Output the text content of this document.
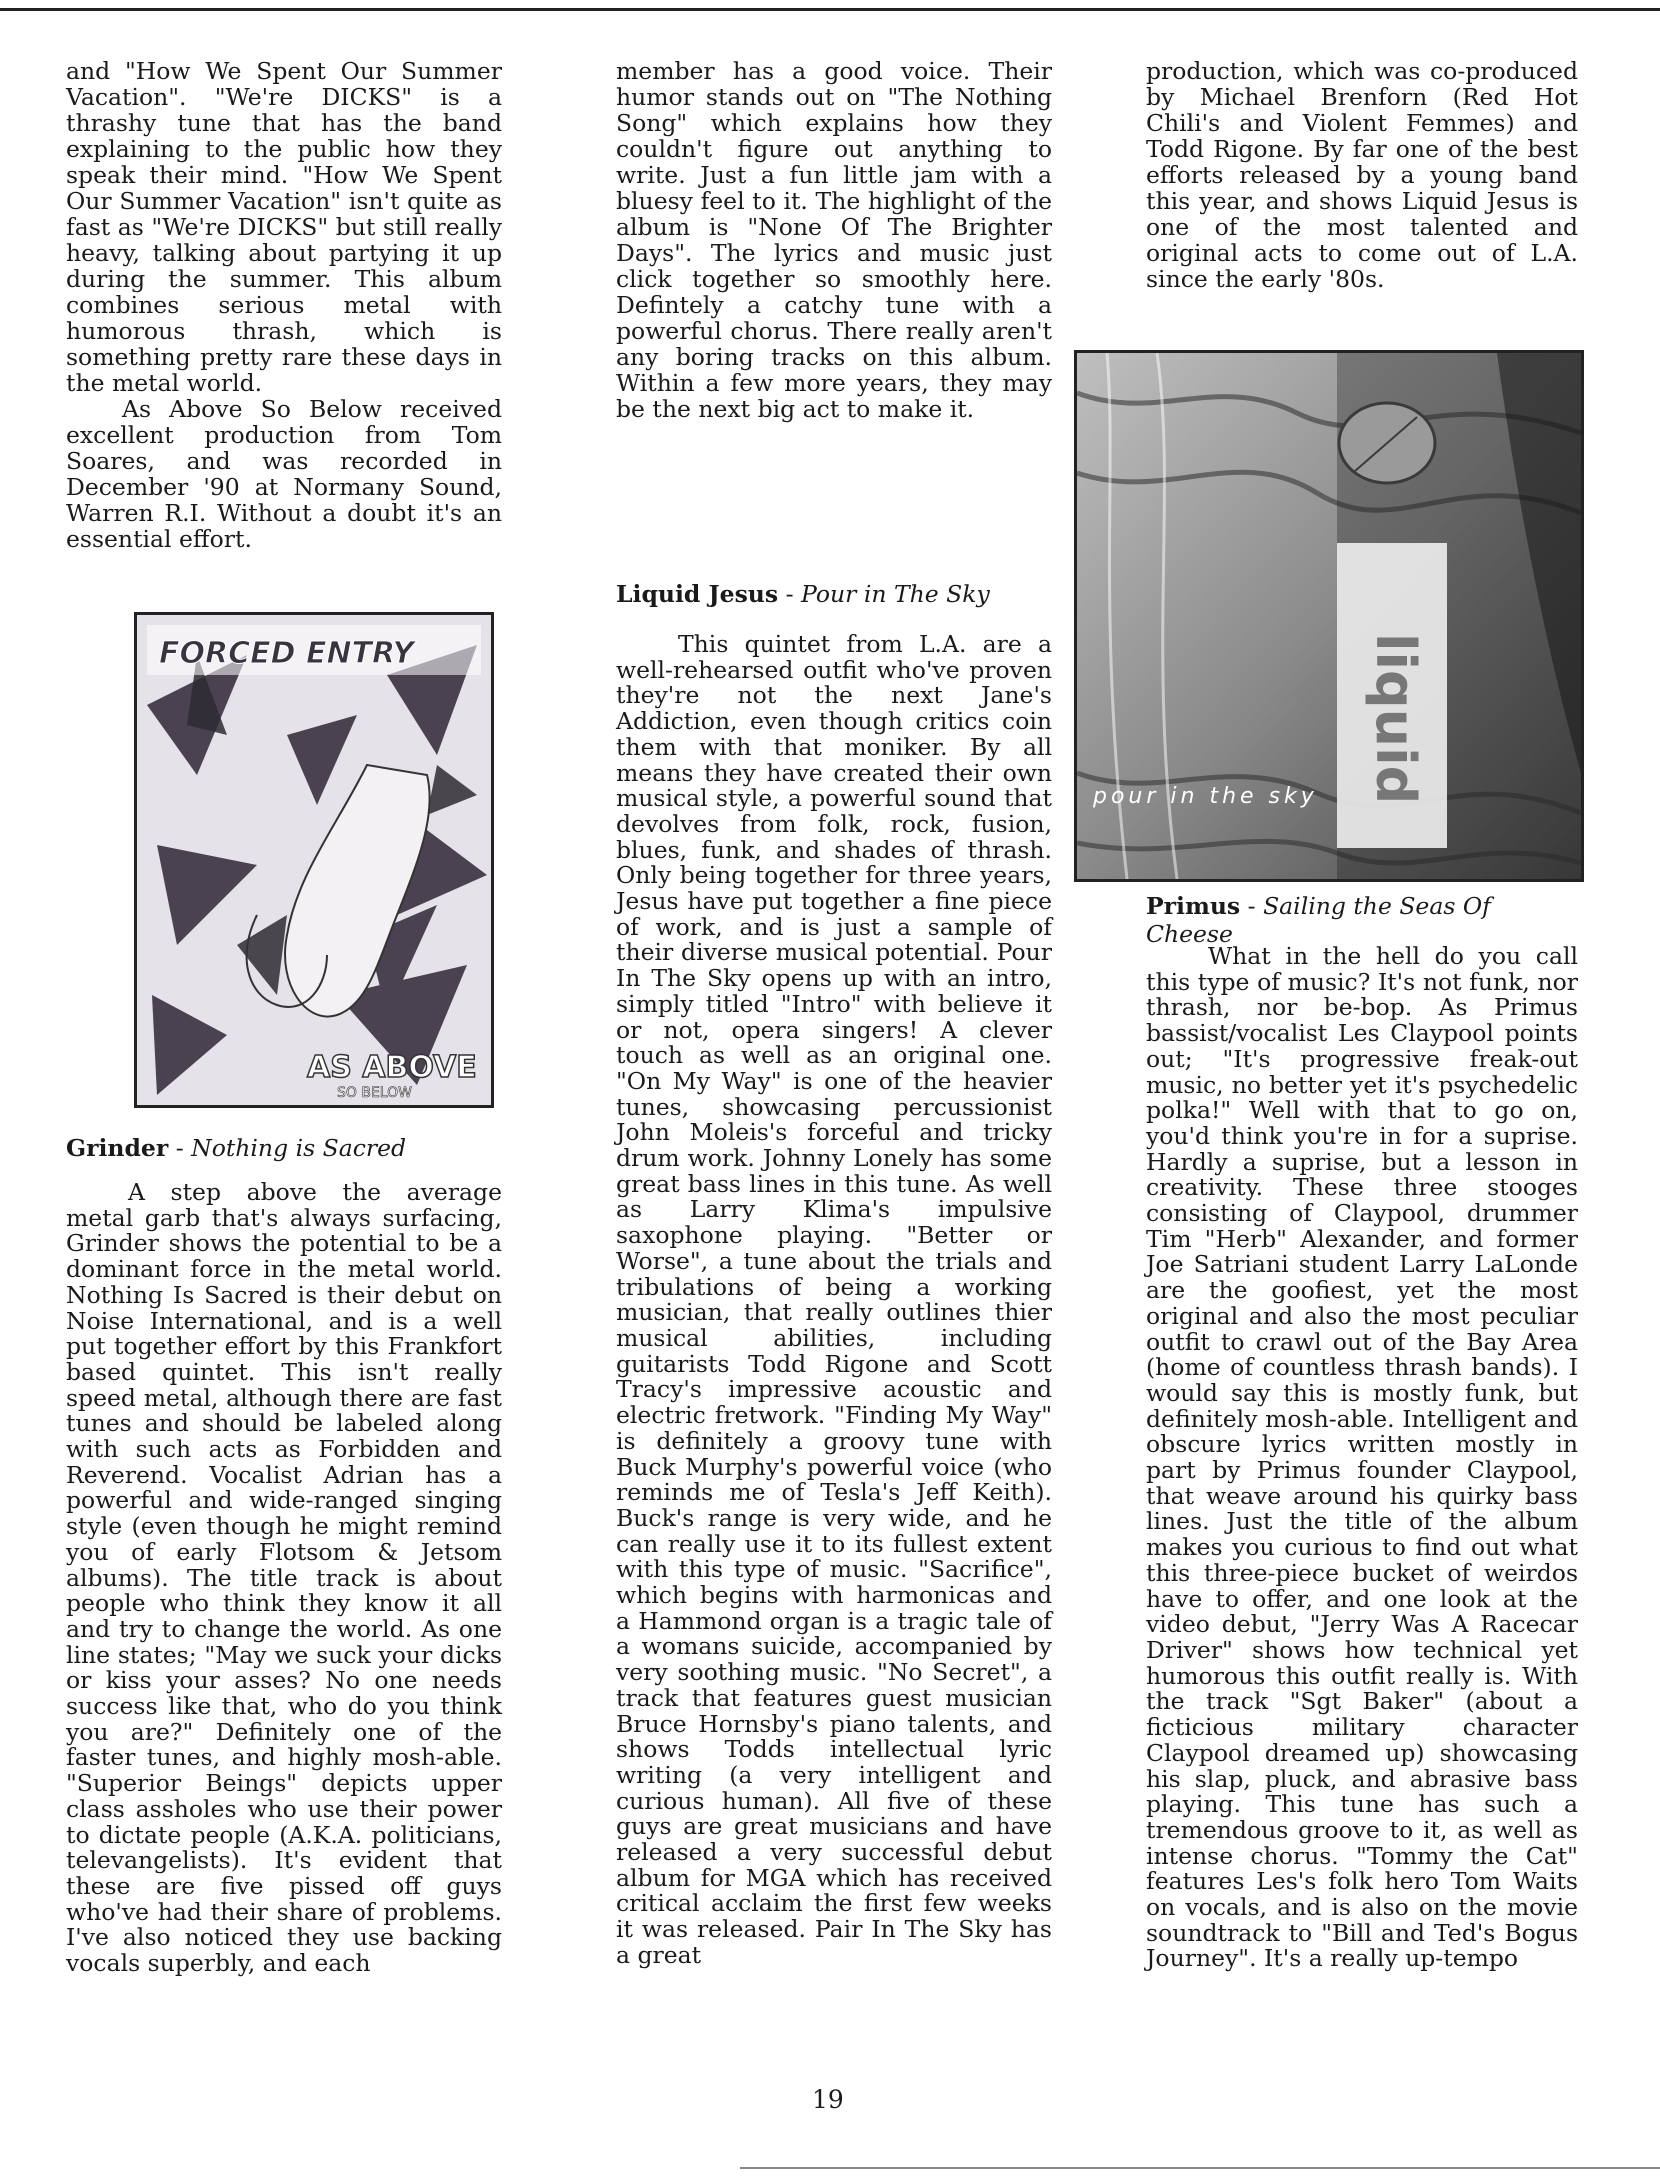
and "How We Spent Our Summer Vacation". "We're DICKS" is a thrashy tune that has the band explaining to the public how they speak their mind. "How We Spent Our Summer Vacation" isn't quite as fast as "We're DICKS" but still really heavy, talking about partying it up during the summer. This album combines serious metal with humorous thrash, which is something pretty rare these days in the metal world.

As Above So Below received excellent production from Tom Soares, and was recorded in December '90 at Normany Sound, Warren R.I. Without a doubt it's an essential effort.

member has a good voice. Their humor stands out on "The Nothing Song" which explains how they couldn't figure out anything to write. Just a fun little jam with a bluesy feel to it. The highlight of the album is "None Of The Brighter Days". The lyrics and music just click together so smoothly here. Defintely a catchy tune with a powerful chorus. There really aren't any boring tracks on this album. Within a few more years, they may be the next big act to make it.

production, which was co-produced by Michael Brenforn (Red Hot Chili's and Violent Femmes) and Todd Rigone. By far one of the best efforts released by a young band this year, and shows Liquid Jesus is one of the most talented and original acts to come out of L.A. since the early '80s.

FORCED ENTRY
AS ABOVE
SO BELOW
liquid
pour in the sky
Grinder - Nothing is Sacred

A step above the average metal garb that's always surfacing, Grinder shows the potential to be a dominant force in the metal world. Nothing Is Sacred is their debut on Noise International, and is a well put together effort by this Frankfort based quintet. This isn't really speed metal, although there are fast tunes and should be labeled along with such acts as Forbidden and Reverend. Vocalist Adrian has a powerful and wide-ranged singing style (even though he might remind you of early Flotsom & Jetsom albums). The title track is about people who think they know it all and try to change the world. As one line states; "May we suck your dicks or kiss your asses? No one needs success like that, who do you think you are?" Definitely one of the faster tunes, and highly mosh-able. "Superior Beings" depicts upper class assholes who use their power to dictate people (A.K.A. politicians, televangelists). It's evident that these are five pissed off guys who've had their share of problems. I've also noticed they use backing vocals superbly, and each

Liquid Jesus - Pour in The Sky

This quintet from L.A. are a well-rehearsed outfit who've proven they're not the next Jane's Addiction, even though critics coin them with that moniker. By all means they have created their own musical style, a powerful sound that devolves from folk, rock, fusion, blues, funk, and shades of thrash. Only being together for three years, Jesus have put together a fine piece of work, and is just a sample of their diverse musical potential. Pour In The Sky opens up with an intro, simply titled "Intro" with believe it or not, opera singers! A clever touch as well as an original one. "On My Way" is one of the heavier tunes, showcasing percussionist John Moleis's forceful and tricky drum work. Johnny Lonely has some great bass lines in this tune. As well as Larry Klima's impulsive saxophone playing. "Better or Worse", a tune about the trials and tribulations of being a working musician, that really outlines thier musical abilities, including guitarists Todd Rigone and Scott Tracy's impressive acoustic and electric fretwork. "Finding My Way" is definitely a groovy tune with Buck Murphy's powerful voice (who reminds me of Tesla's Jeff Keith). Buck's range is very wide, and he can really use it to its fullest extent with this type of music. "Sacrifice", which begins with harmonicas and a Hammond organ is a tragic tale of a womans suicide, accompanied by very soothing music. "No Secret", a track that features guest musician Bruce Hornsby's piano talents, and shows Todds intellectual lyric writing (a very intelligent and curious human). All five of these guys are great musicians and have released a very successful debut album for MGA which has received critical acclaim the first few weeks it was released. Pair In The Sky has a great

Primus - Sailing the Seas Of Cheese

What in the hell do you call this type of music? It's not funk, nor thrash, nor be-bop. As Primus bassist/vocalist Les Claypool points out; "It's progressive freak-out music, no better yet it's psychedelic polka!" Well with that to go on, you'd think you're in for a suprise. Hardly a suprise, but a lesson in creativity. These three stooges consisting of Claypool, drummer Tim "Herb" Alexander, and former Joe Satriani student Larry LaLonde are the goofiest, yet the most original and also the most peculiar outfit to crawl out of the Bay Area (home of countless thrash bands). I would say this is mostly funk, but definitely mosh-able. Intelligent and obscure lyrics written mostly in part by Primus founder Claypool, that weave around his quirky bass lines. Just the title of the album makes you curious to find out what this three-piece bucket of weirdos have to offer, and one look at the video debut, "Jerry Was A Racecar Driver" shows how technical yet humorous this outfit really is. With the track "Sgt Baker" (about a ficticious military character Claypool dreamed up) showcasing his slap, pluck, and abrasive bass playing. This tune has such a tremendous groove to it, as well as intense chorus. "Tommy the Cat" features Les's folk hero Tom Waits on vocals, and is also on the movie soundtrack to "Bill and Ted's Bogus Journey". It's a really up-tempo

19
